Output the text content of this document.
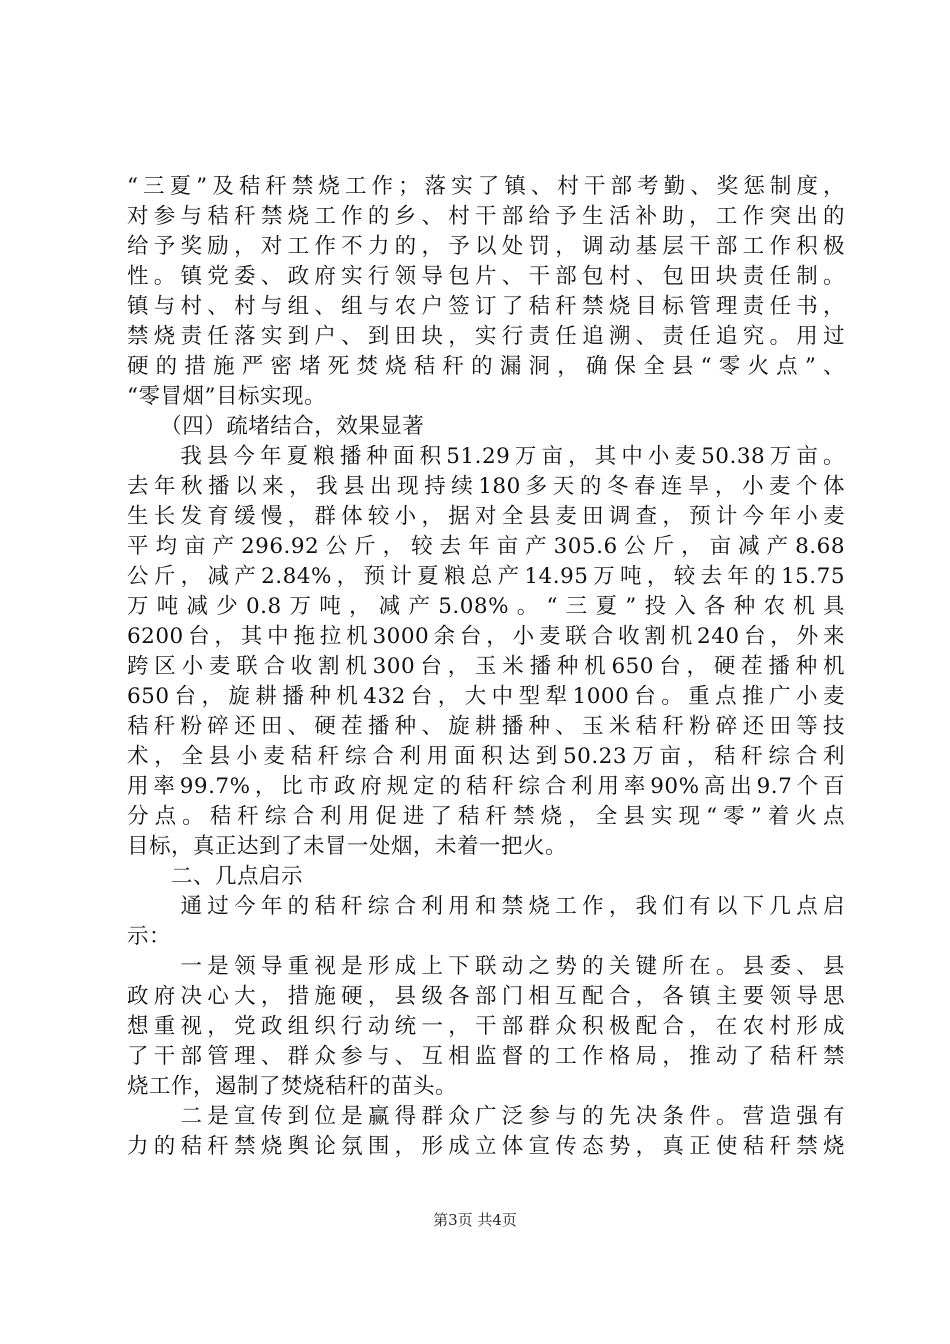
“三夏”及秸秆禁烧工作；落实了镇、村干部考勤、奖惩制度，
对参与秸秆禁烧工作的乡、村干部给予生活补助，工作突出的
给予奖励，对工作不力的，予以处罚，调动基层干部工作积极
性。镇党委、政府实行领导包片、干部包村、包田块责任制。
镇与村、村与组、组与农户签订了秸秆禁烧目标管理责任书，
禁烧责任落实到户、到田块，实行责任追溯、责任追究。用过
硬的措施严密堵死焚烧秸秆的漏洞，确保全县“零火点”、
“零冒烟”目标实现。
　　（四）疏堵结合，效果显著
　　我县今年夏粮播种面积51.29万亩，其中小麦50.38万亩。
去年秋播以来，我县出现持续180多天的冬春连旱，小麦个体
生长发育缓慢，群体较小，据对全县麦田调查，预计今年小麦
平均亩产296.92公斤，较去年亩产305.6公斤，亩减产8.68
公斤，减产2.84%，预计夏粮总产14.95万吨，较去年的15.75
万吨减少0.8万吨，减产5.08%。“三夏”投入各种农机具
6200台，其中拖拉机3000余台，小麦联合收割机240台，外来
跨区小麦联合收割机300台，玉米播种机650台，硬茬播种机
650台，旋耕播种机432台，大中型犁1000台。重点推广小麦
秸秆粉碎还田、硬茬播种、旋耕播种、玉米秸秆粉碎还田等技
术，全县小麦秸秆综合利用面积达到50.23万亩，秸秆综合利
用率99.7%，比市政府规定的秸秆综合利用率90%高出9.7个百
分点。秸秆综合利用促进了秸秆禁烧，全县实现“零”着火点
目标，真正达到了未冒一处烟，未着一把火。
　　二、几点启示
　　通过今年的秸秆综合利用和禁烧工作，我们有以下几点启
示：
　　一是领导重视是形成上下联动之势的关键所在。县委、县
政府决心大，措施硬，县级各部门相互配合，各镇主要领导思
想重视，党政组织行动统一，干部群众积极配合，在农村形成
了干部管理、群众参与、互相监督的工作格局，推动了秸秆禁
烧工作，遏制了焚烧秸秆的苗头。
　　二是宣传到位是赢得群众广泛参与的先决条件。营造强有
力的秸秆禁烧舆论氛围，形成立体宣传态势，真正使秸秆禁烧
第3页 共4页
